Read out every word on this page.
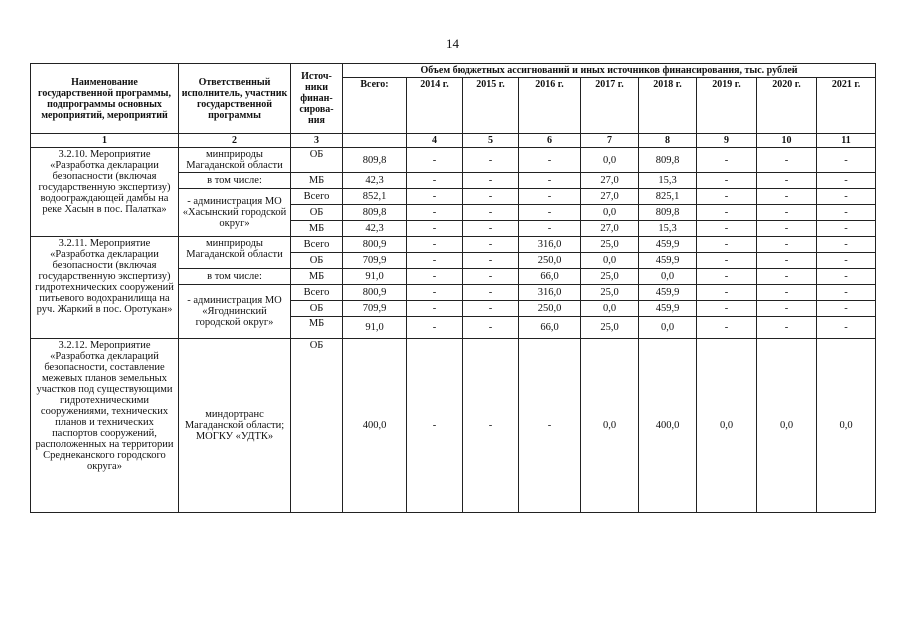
14
Наименование государственной программы, подпрограммы основных мероприятий, мероприятий	Ответственный исполнитель, участник государственной программы	Источ-ники финан-сирова-ния	Объем бюджетных ассигнований и иных источников финансирования, тыс. рублей								
			Всего:	2014 г.	2015 г.	2016 г.	2017 г.	2018 г.	2019 г.	2020 г.	2021 г.
1	2	3		4	5	6	7	8	9	10	11
3.2.10. Мероприятие «Разработка декларации безопасности (включая государственную экспертизу) водоограждающей дамбы на реке Хасын в пос. Палатка»	минприроды Магаданской области	ОБ	809,8	-	-	-	0,0	809,8	-	-	-
	в том числе:	МБ	42,3	-	-	-	27,0	15,3	-	-	-
	- администрация МО «Хасынский городской округ»	Всего	852,1	-	-	-	27,0	825,1	-	-	-
		ОБ	809,8	-	-	-	0,0	809,8	-	-	-
		МБ	42,3	-	-	-	27,0	15,3	-	-	-
3.2.11. Мероприятие «Разработка декларации безопасности (включая государственную экспертизу) гидротехнических сооружений питьевого водохранилища на руч. Жаркий в пос. Оротукан»	минприроды Магаданской области	Всего	800,9	-	-	316,0	25,0	459,9	-	-	-
		ОБ	709,9	-	-	250,0	0,0	459,9	-	-	-
	в том числе:	МБ	91,0	-	-	66,0	25,0	0,0	-	-	-
	- администрация МО «Ягоднинский городской округ»	Всего	800,9	-	-	316,0	25,0	459,9	-	-	-
		ОБ	709,9	-	-	250,0	0,0	459,9	-	-	-
		МБ	91,0	-	-	66,0	25,0	0,0	-	-	-
3.2.12. Мероприятие «Разработка деклараций безопасности, составление межевых планов земельных участков под существующими гидротехническими сооружениями, технических планов и технических паспортов сооружений, расположенных на территории Среднеканского городского округа»	миндортранс Магаданской области; МОГКУ «УДТК»	ОБ	400,0	-	-	-	0,0	400,0	0,0	0,0	0,0
